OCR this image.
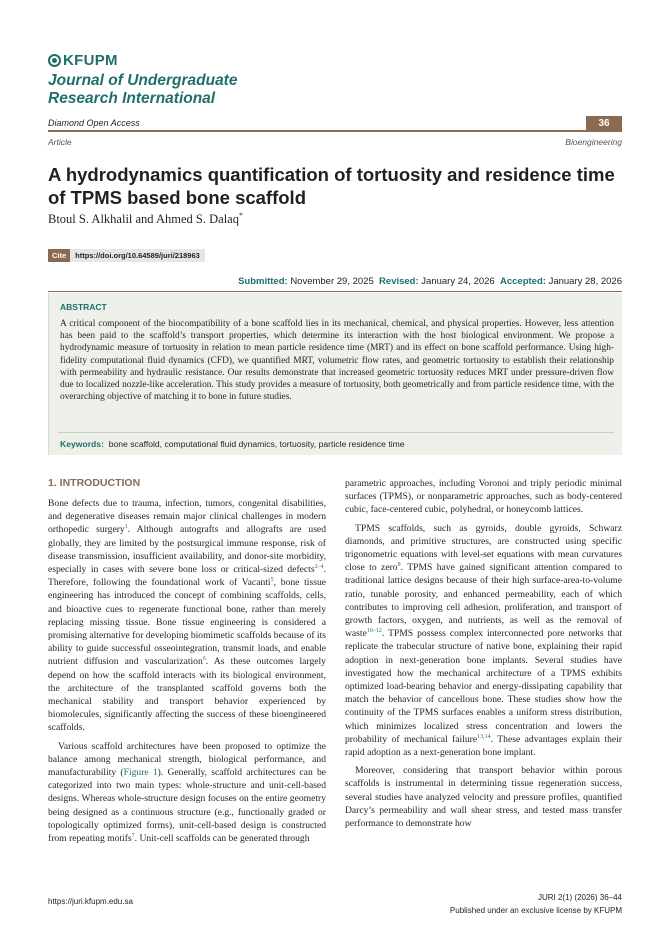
KFUPM
Journal of Undergraduate
Research International
Diamond Open Access	36
Article	Bioengineering
A hydrodynamics quantification of tortuosity and residence time of TPMS based bone scaffold
Btoul S. Alkhalil and Ahmed S. Dalaq*
Cite	https://doi.org/10.64589/juri/218963
Submitted: November 29, 2025 Revised: January 24, 2026 Accepted: January 28, 2026
ABSTRACT
A critical component of the biocompatibility of a bone scaffold lies in its mechanical, chemical, and physical properties. However, less attention has been paid to the scaffold’s transport properties, which determine its interaction with the host biological environment. We propose a hydrodynamic measure of tortuosity in relation to mean particle residence time (MRT) and its effect on bone scaffold performance. Using high-fidelity computational fluid dynamics (CFD), we quantified MRT, volumetric flow rates, and geometric tortuosity to establish their relationship with permeability and hydraulic resistance. Our results demonstrate that increased geometric tortuosity reduces MRT under pressure-driven flow due to localized nozzle-like acceleration. This study provides a measure of tortuosity, both geometrically and from particle residence time, with the overarching objective of matching it to bone in future studies.
Keywords: bone scaffold, computational fluid dynamics, tortuosity, particle residence time
1. INTRODUCTION

Bone defects due to trauma, infection, tumors, congenital disabilities, and degenerative diseases remain major clinical challenges in modern orthopedic surgery$^1$. Although autografts and allografts are used globally, they are limited by the postsurgical immune response, risk of disease transmission, insufficient availability, and donor-site morbidity, especially in cases with severe bone loss or critical-sized defects$^{2-4}$. Therefore, following the foundational work of Vacanti$^5$, bone tissue engineering has introduced the concept of combining scaffolds, cells, and bioactive cues to regenerate functional bone, rather than merely replacing missing tissue. Bone tissue engineering is considered a promising alternative for developing biomimetic scaffolds because of its ability to guide successful osseointegration, transmit loads, and enable nutrient diffusion and vascularization$^6$. As these outcomes largely depend on how the scaffold interacts with its biological environment, the architecture of the transplanted scaffold governs both the mechanical stability and transport behavior experienced by biomolecules, significantly affecting the success of these bioengineered scaffolds.

Various scaffold architectures have been proposed to optimize the balance among mechanical strength, biological performance, and manufacturability (Figure 1). Generally, scaffold architectures can be categorized into two main types: whole-structure and unit-cell-based designs. Whereas whole-structure design focuses on the entire geometry being designed as a continuous structure (e.g., functionally graded or topologically optimized forms), unit-cell-based design is constructed from repeating motifs$^7$. Unit-cell scaffolds can be generated through

parametric approaches, including Voronoi and triply periodic minimal surfaces (TPMS), or nonparametric approaches, such as body-centered cubic, face-centered cubic, polyhedral, or honeycomb lattices.

TPMS scaffolds, such as gyroids, double gyroids, Schwarz diamonds, and primitive structures, are constructed using specific trigonometric equations with level-set equations with mean curvatures close to zero$^8$. TPMS have gained significant attention compared to traditional lattice designs because of their high surface-area-to-volume ratio, tunable porosity, and enhanced permeability, each of which contributes to improving cell adhesion, proliferation, and transport of growth factors, oxygen, and nutrients, as well as the removal of waste$^{10-12}$. TPMS possess complex interconnected pore networks that replicate the trabecular structure of native bone, explaining their rapid adoption in next-generation bone implants. Several studies have investigated how the mechanical architecture of a TPMS exhibits optimized load-bearing behavior and energy-dissipating capability that match the behavior of cancellous bone. These studies show how the continuity of the TPMS surfaces enables a uniform stress distribution, which minimizes localized stress concentration and lowers the probability of mechanical failure$^{13,14}$. These advantages explain their rapid adoption as a next-generation bone implant.

Moreover, considering that transport behavior within porous scaffolds is instrumental in determining tissue regeneration success, several studies have analyzed velocity and pressure profiles, quantified Darcy’s permeability and wall shear stress, and tested mass transfer performance to demonstrate how

https://juri.kfupm.edu.sa	JURI 2(1) (2026) 36–44
Published under an exclusive license by KFUPM
